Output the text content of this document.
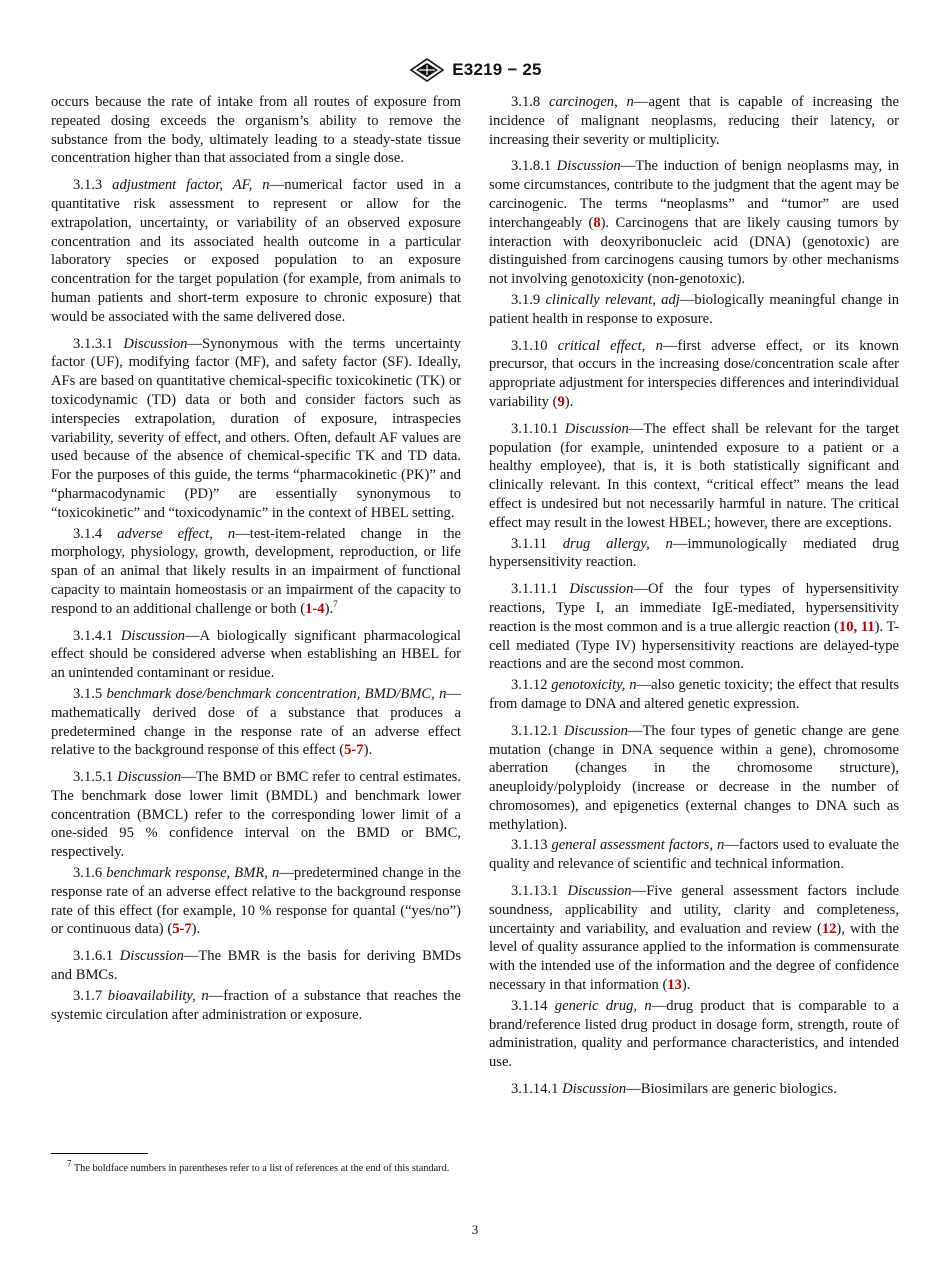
E3219 − 25

occurs because the rate of intake from all routes of exposure from repeated dosing exceeds the organism’s ability to remove the substance from the body, ultimately leading to a steady-state tissue concentration higher than that associated from a single dose.

3.1.3 adjustment factor, AF, n—numerical factor used in a quantitative risk assessment to represent or allow for the extrapolation, uncertainty, or variability of an observed exposure concentration and its associated health outcome in a particular laboratory species or exposed population to an exposure concentration for the target population (for example, from animals to human patients and short-term exposure to chronic exposure) that would be associated with the same delivered dose.

3.1.3.1 Discussion—Synonymous with the terms uncertainty factor (UF), modifying factor (MF), and safety factor (SF). Ideally, AFs are based on quantitative chemical-specific toxicokinetic (TK) or toxicodynamic (TD) data or both and consider factors such as interspecies extrapolation, duration of exposure, intraspecies variability, severity of effect, and others. Often, default AF values are used because of the absence of chemical-specific TK and TD data. For the purposes of this guide, the terms “pharmacokinetic (PK)” and “pharmacodynamic (PD)” are essentially synonymous to “toxicokinetic” and “toxicodynamic” in the context of HBEL setting.

3.1.4 adverse effect, n—test-item-related change in the morphology, physiology, growth, development, reproduction, or life span of an animal that likely results in an impairment of functional capacity to maintain homeostasis or an impairment of the capacity to respond to an additional challenge or both (1-4).$^7$

3.1.4.1 Discussion—A biologically significant pharmacological effect should be considered adverse when establishing an HBEL for an unintended contaminant or residue.

3.1.5 benchmark dose/benchmark concentration, BMD/BMC, n—mathematically derived dose of a substance that produces a predetermined change in the response rate of an adverse effect relative to the background response of this effect (5-7).

3.1.5.1 Discussion—The BMD or BMC refer to central estimates. The benchmark dose lower limit (BMDL) and benchmark lower concentration (BMCL) refer to the corresponding lower limit of a one-sided 95 % confidence interval on the BMD or BMC, respectively.

3.1.6 benchmark response, BMR, n—predetermined change in the response rate of an adverse effect relative to the background response rate of this effect (for example, 10 % response for quantal (“yes/no”) or continuous data) (5-7).

3.1.6.1 Discussion—The BMR is the basis for deriving BMDs and BMCs.

3.1.7 bioavailability, n—fraction of a substance that reaches the systemic circulation after administration or exposure.

3.1.8 carcinogen, n—agent that is capable of increasing the incidence of malignant neoplasms, reducing their latency, or increasing their severity or multiplicity.

3.1.8.1 Discussion—The induction of benign neoplasms may, in some circumstances, contribute to the judgment that the agent may be carcinogenic. The terms “neoplasms” and “tumor” are used interchangeably (8). Carcinogens that are likely causing tumors by interaction with deoxyribonucleic acid (DNA) (genotoxic) are distinguished from carcinogens causing tumors by other mechanisms not involving genotoxicity (non-genotoxic).

3.1.9 clinically relevant, adj—biologically meaningful change in patient health in response to exposure.

3.1.10 critical effect, n—first adverse effect, or its known precursor, that occurs in the increasing dose/concentration scale after appropriate adjustment for interspecies differences and interindividual variability (9).

3.1.10.1 Discussion—The effect shall be relevant for the target population (for example, unintended exposure to a patient or a healthy employee), that is, it is both statistically significant and clinically relevant. In this context, “critical effect” means the lead effect is undesired but not necessarily harmful in nature. The critical effect may result in the lowest HBEL; however, there are exceptions.

3.1.11 drug allergy, n—immunologically mediated drug hypersensitivity reaction.

3.1.11.1 Discussion—Of the four types of hypersensitivity reactions, Type I, an immediate IgE-mediated, hypersensitivity reaction is the most common and is a true allergic reaction (10, 11). T-cell mediated (Type IV) hypersensitivity reactions are delayed-type reactions and are the second most common.

3.1.12 genotoxicity, n—also genetic toxicity; the effect that results from damage to DNA and altered genetic expression.

3.1.12.1 Discussion—The four types of genetic change are gene mutation (change in DNA sequence within a gene), chromosome aberration (changes in the chromosome structure), aneuploidy/polyploidy (increase or decrease in the number of chromosomes), and epigenetics (external changes to DNA such as methylation).

3.1.13 general assessment factors, n—factors used to evaluate the quality and relevance of scientific and technical information.

3.1.13.1 Discussion—Five general assessment factors include soundness, applicability and utility, clarity and completeness, uncertainty and variability, and evaluation and review (12), with the level of quality assurance applied to the information is commensurate with the intended use of the information and the degree of confidence necessary in that information (13).

3.1.14 generic drug, n—drug product that is comparable to a brand/reference listed drug product in dosage form, strength, route of administration, quality and performance characteristics, and intended use.

3.1.14.1 Discussion—Biosimilars are generic biologics.

$^7$ The boldface numbers in parentheses refer to a list of references at the end of this standard.
3
